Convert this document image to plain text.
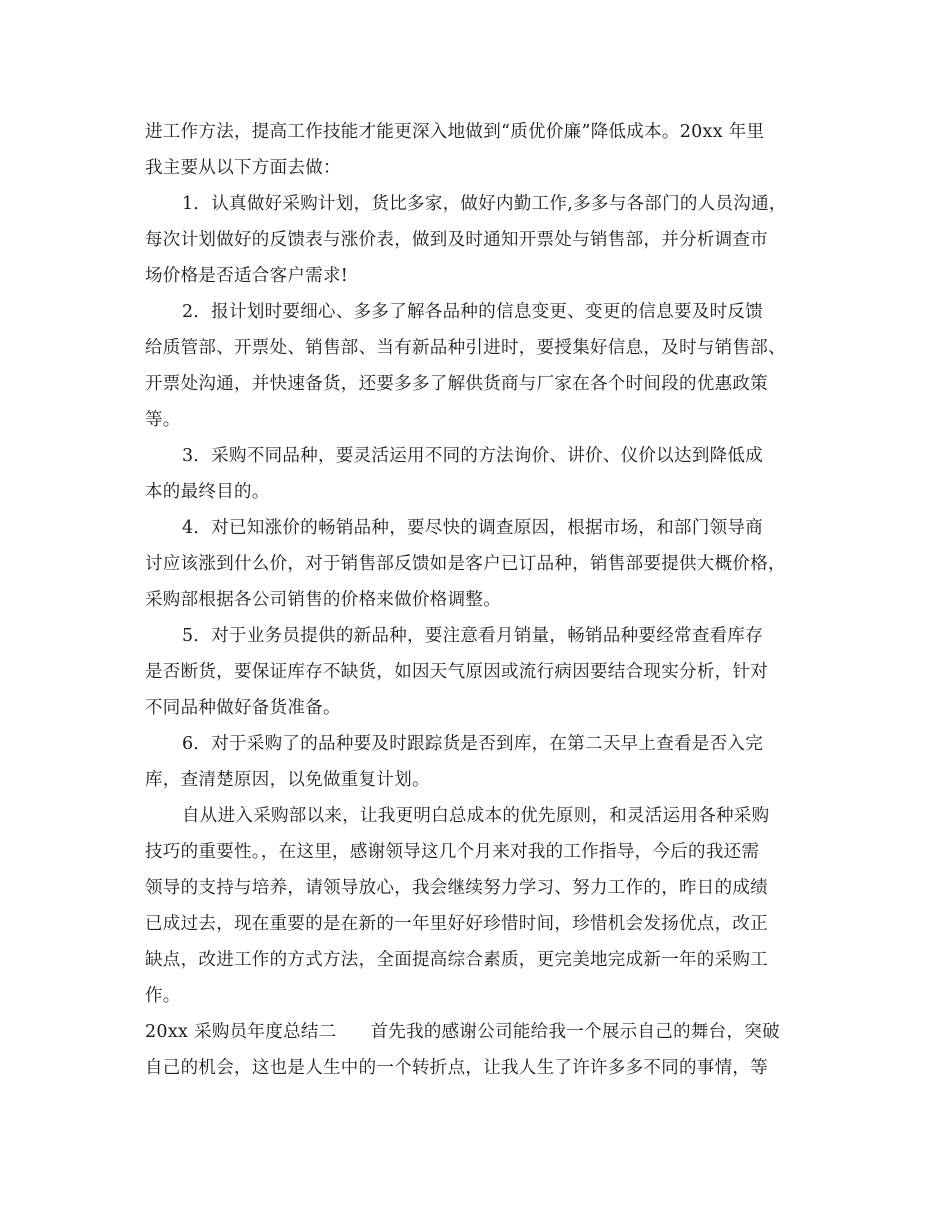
进工作方法，提高工作技能才能更深入地做到“质优价廉”降低成本。20xx 年里
我主要从以下方面去做：
1．认真做好采购计划，货比多家，做好内勤工作,多多与各部门的人员沟通，
每次计划做好的反馈表与涨价表，做到及时通知开票处与销售部，并分析调查市
场价格是否适合客户需求!
2．报计划时要细心、多多了解各品种的信息变更、变更的信息要及时反馈
给质管部、开票处、销售部、当有新品种引进时，要授集好信息，及时与销售部、
开票处沟通，并快速备货，还要多多了解供货商与厂家在各个时间段的优惠政策
等。
3．采购不同品种，要灵活运用不同的方法询价、讲价、仪价以达到降低成
本的最终目的。
4．对已知涨价的畅销品种，要尽快的调查原因，根据市场，和部门领导商
讨应该涨到什么价，对于销售部反馈如是客户已订品种，销售部要提供大概价格，
采购部根据各公司销售的价格来做价格调整。
5．对于业务员提供的新品种，要注意看月销量，畅销品种要经常查看库存
是否断货，要保证库存不缺货，如因天气原因或流行病因要结合现实分析，针对
不同品种做好备货准备。
6．对于采购了的品种要及时跟踪货是否到库，在第二天早上查看是否入完
库，查清楚原因，以免做重复计划。
自从进入采购部以来，让我更明白总成本的优先原则，和灵活运用各种采购
技巧的重要性。，在这里，感谢领导这几个月来对我的工作指导，今后的我还需
领导的支持与培养，请领导放心，我会继续努力学习、努力工作的，昨日的成绩
已成过去，现在重要的是在新的一年里好好珍惜时间，珍惜机会发扬优点，改正
缺点，改进工作的方式方法，全面提高综合素质，更完美地完成新一年的采购工
作。
20xx 采购员年度总结二 首先我的感谢公司能给我一个展示自己的舞台，突破
自己的机会，这也是人生中的一个转折点，让我人生了许许多多不同的事情，等
